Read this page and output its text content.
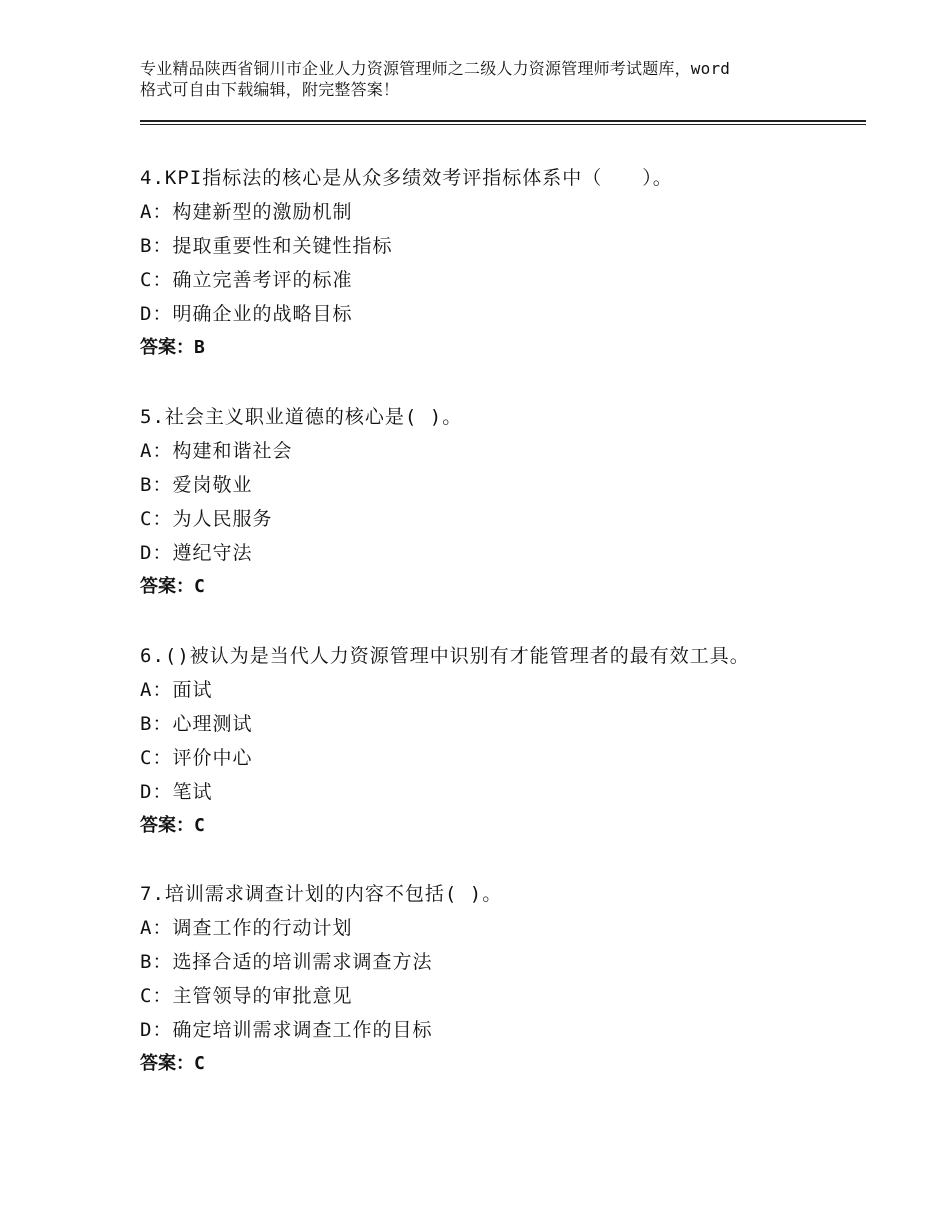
专业精品陕西省铜川市企业人力资源管理师之二级人力资源管理师考试题库，word
格式可自由下载编辑，附完整答案！
4.KPI指标法的核心是从众多绩效考评指标体系中（　　）。
A：构建新型的激励机制
B：提取重要性和关键性指标
C：确立完善考评的标准
D：明确企业的战略目标
答案：B
5.社会主义职业道德的核心是( )。
A：构建和谐社会
B：爱岗敬业
C：为人民服务
D：遵纪守法
答案：C
6.()被认为是当代人力资源管理中识别有才能管理者的最有效工具。
A：面试
B：心理测试
C：评价中心
D：笔试
答案：C
7.培训需求调查计划的内容不包括( )。
A：调查工作的行动计划
B：选择合适的培训需求调查方法
C：主管领导的审批意见
D：确定培训需求调查工作的目标
答案：C
